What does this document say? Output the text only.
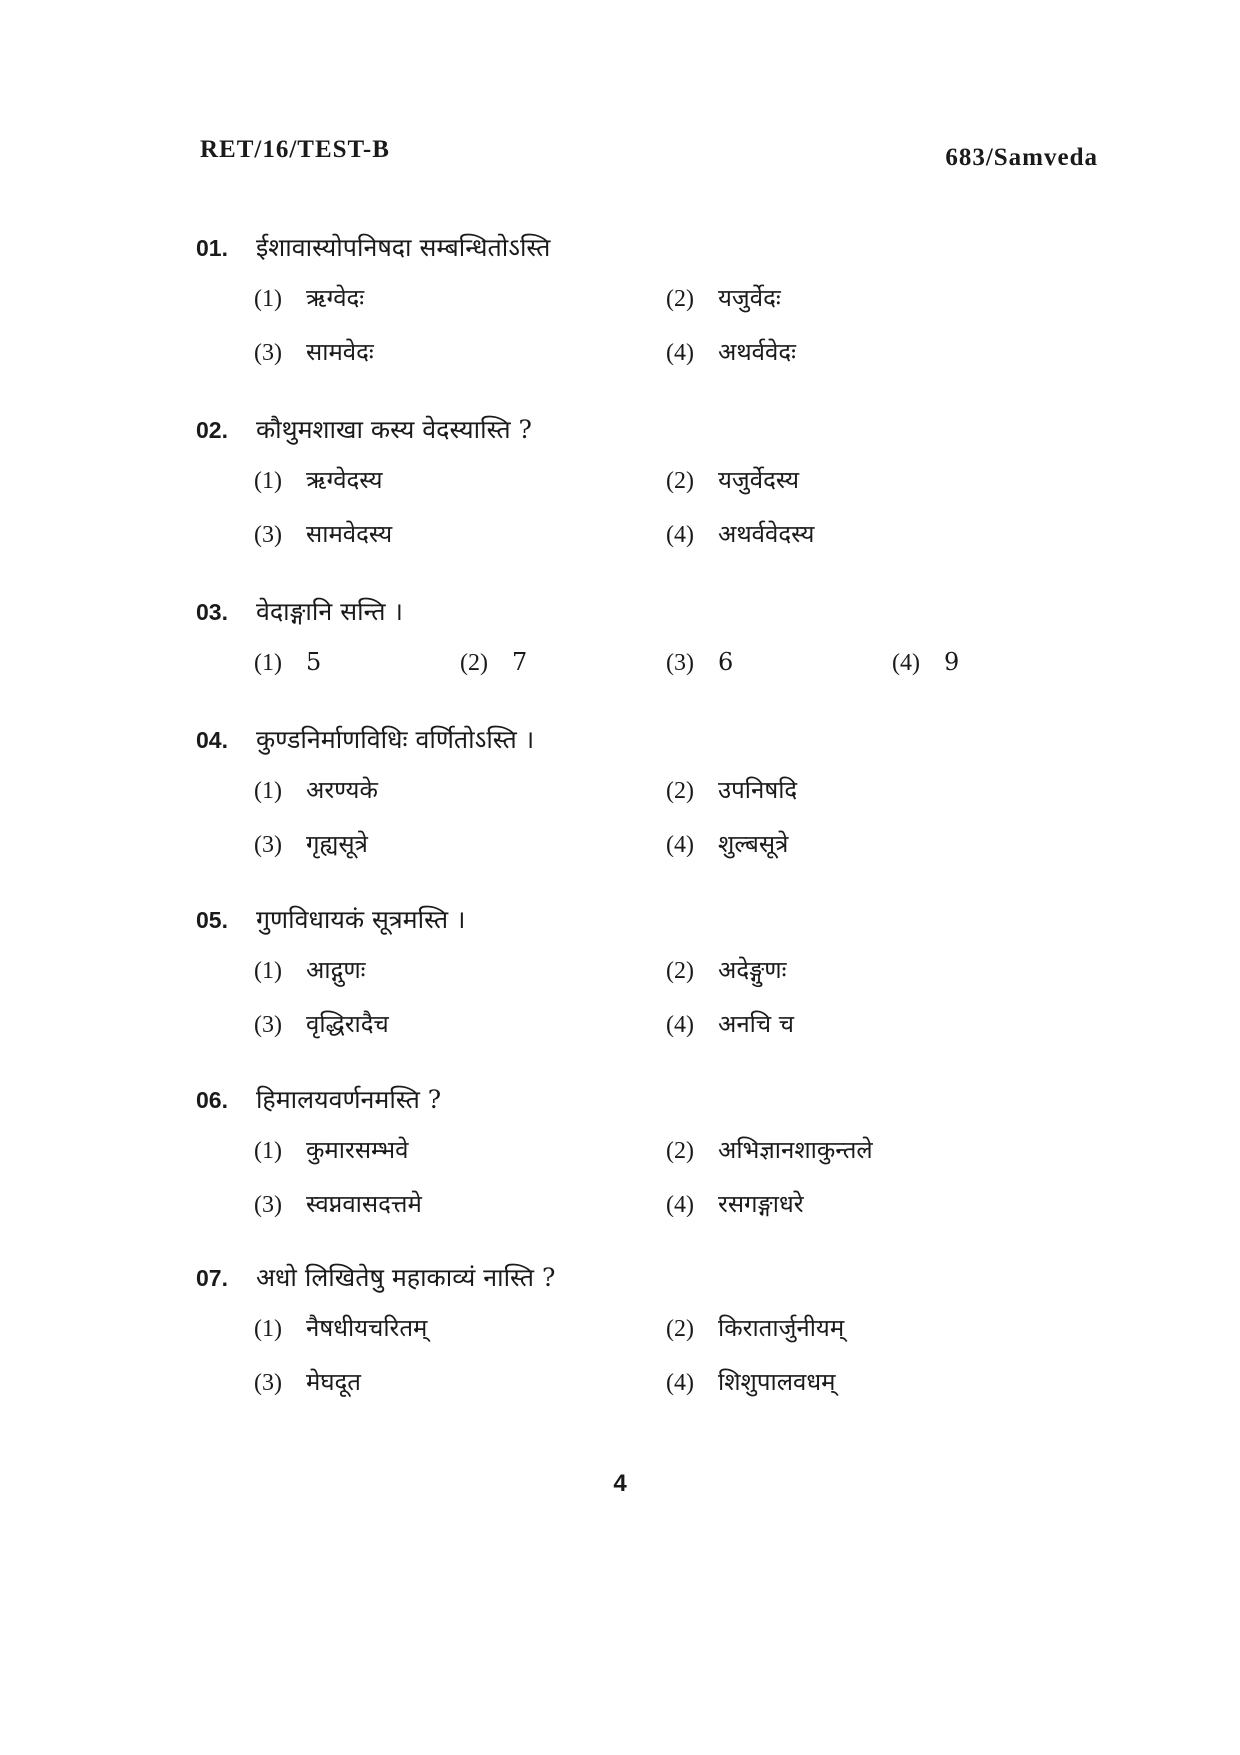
RET/16/TEST-B	683/Samveda
01. ईशावास्योपनिषदा सम्बन्धितोऽस्ति
(1) ऋग्वेदः	(2) यजुर्वेदः
(3) सामवेदः	(4) अथर्ववेदः
02. कौथुमशाखा कस्य वेदस्यास्ति ?
(1) ऋग्वेदस्य	(2) यजुर्वेदस्य
(3) सामवेदस्य	(4) अथर्ववेदस्य
03. वेदाङ्गानि सन्ति ।
(1) 5	(2) 7	(3) 6	(4) 9
04. कुण्डनिर्माणविधिः वर्णितोऽस्ति ।
(1) अरण्यके	(2) उपनिषदि
(3) गृह्यसूत्रे	(4) शुल्बसूत्रे
05. गुणविधायकं सूत्रमस्ति ।
(1) आद्गुणः	(2) अदेङ्गुणः
(3) वृद्धिरादैच	(4) अनचि च
06. हिमालयवर्णनमस्ति ?
(1) कुमारसम्भवे	(2) अभिज्ञानशाकुन्तले
(3) स्वप्नवासदत्तमे	(4) रसगङ्गाधरे
07. अधो लिखितेषु महाकाव्यं नास्ति ?
(1) नैषधीयचरितम्	(2) किरातार्जुनीयम्
(3) मेघदूत	(4) शिशुपालवधम्
4
